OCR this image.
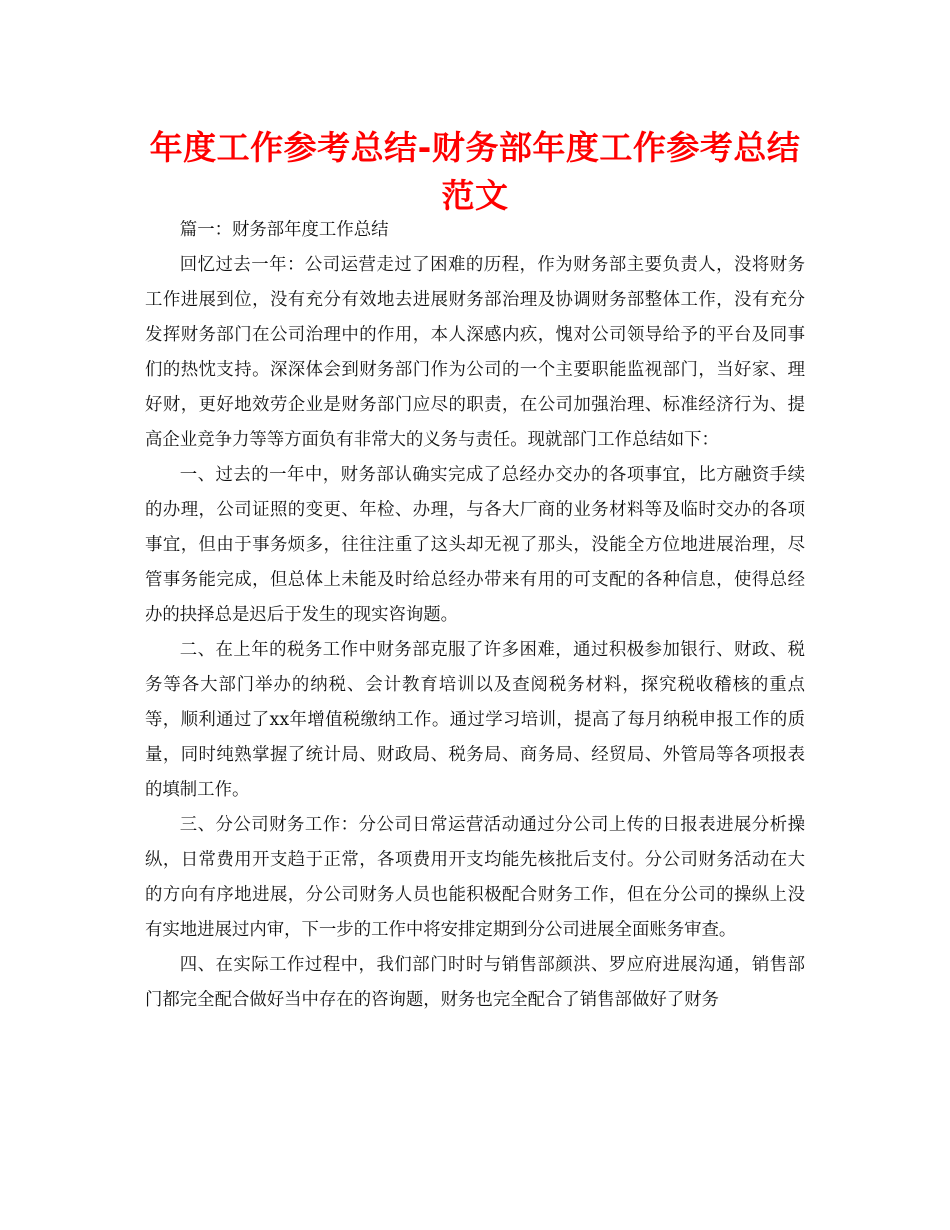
年度工作参考总结-财务部年度工作参考总结范文

篇一：财务部年度工作总结

回忆过去一年：公司运营走过了困难的历程，作为财务部主要负责人，没将财务工作进展到位，没有充分有效地去进展财务部治理及协调财务部整体工作，没有充分发挥财务部门在公司治理中的作用，本人深感内疚，愧对公司领导给予的平台及同事们的热忱支持。深深体会到财务部门作为公司的一个主要职能监视部门，当好家、理好财，更好地效劳企业是财务部门应尽的职责，在公司加强治理、标准经济行为、提高企业竞争力等等方面负有非常大的义务与责任。现就部门工作总结如下：

一、过去的一年中，财务部认确实完成了总经办交办的各项事宜，比方融资手续的办理，公司证照的变更、年检、办理，与各大厂商的业务材料等及临时交办的各项事宜，但由于事务烦多，往往注重了这头却无视了那头，没能全方位地进展治理，尽管事务能完成，但总体上未能及时给总经办带来有用的可支配的各种信息，使得总经办的抉择总是迟后于发生的现实咨询题。

二、在上年的税务工作中财务部克服了许多困难，通过积极参加银行、财政、税务等各大部门举办的纳税、会计教育培训以及查阅税务材料，探究税收稽核的重点等，顺利通过了xx年增值税缴纳工作。通过学习培训，提高了每月纳税申报工作的质量，同时纯熟掌握了统计局、财政局、税务局、商务局、经贸局、外管局等各项报表的填制工作。

三、分公司财务工作：分公司日常运营活动通过分公司上传的日报表进展分析操纵，日常费用开支趋于正常，各项费用开支均能先核批后支付。分公司财务活动在大的方向有序地进展，分公司财务人员也能积极配合财务工作，但在分公司的操纵上没有实地进展过内审，下一步的工作中将安排定期到分公司进展全面账务审查。

四、在实际工作过程中，我们部门时时与销售部颜洪、罗应府进展沟通，销售部门都完全配合做好当中存在的咨询题，财务也完全配合了销售部做好了财务
